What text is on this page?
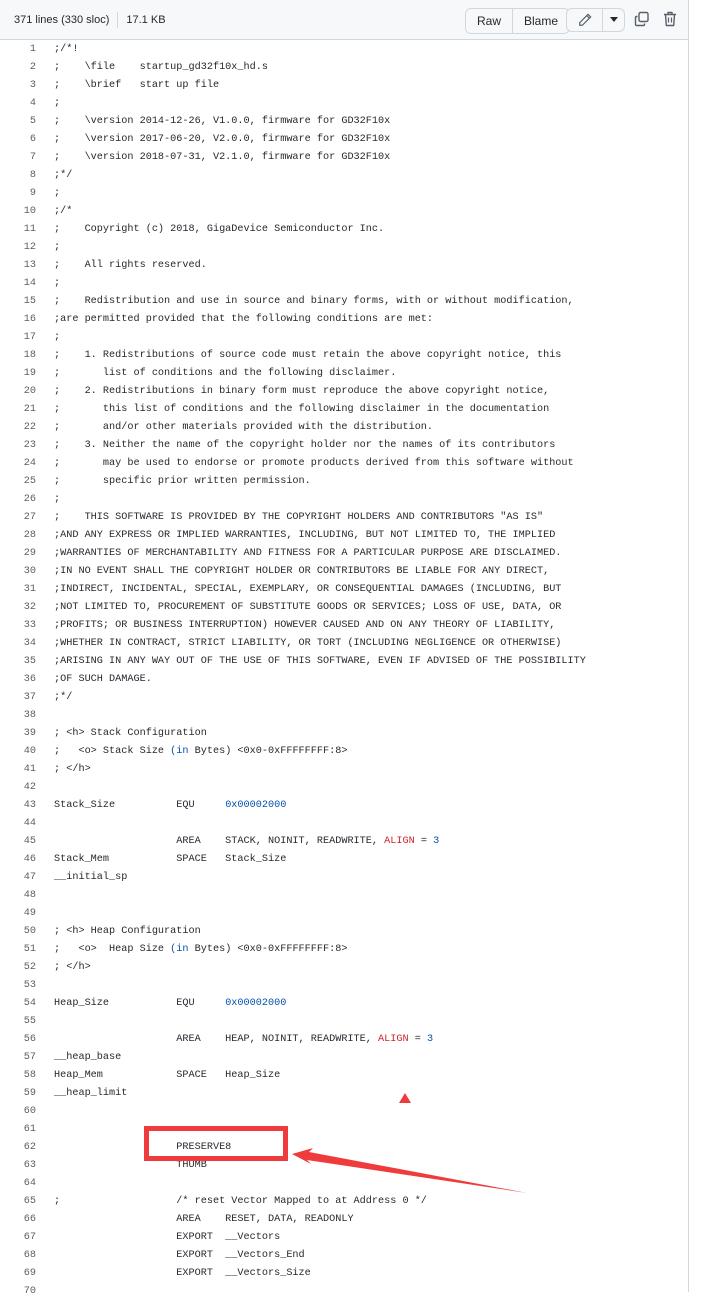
371 lines (330 sloc) 17.1 KB	Raw	Blame
1	;/*!
2	;    \file    startup_gd32f10x_hd.s
3	;    \brief   start up file
4	;
5	;    \version 2014-12-26, V1.0.0, firmware for GD32F10x
6	;    \version 2017-06-20, V2.0.0, firmware for GD32F10x
7	;    \version 2018-07-31, V2.1.0, firmware for GD32F10x
8	;*/
9	;
10	;/*
11	;    Copyright (c) 2018, GigaDevice Semiconductor Inc.
12	;
13	;    All rights reserved.
14	;
15	;    Redistribution and use in source and binary forms, with or without modification,
16	;are permitted provided that the following conditions are met:
17	;
18	;    1. Redistributions of source code must retain the above copyright notice, this
19	;       list of conditions and the following disclaimer.
20	;    2. Redistributions in binary form must reproduce the above copyright notice,
21	;       this list of conditions and the following disclaimer in the documentation
22	;       and/or other materials provided with the distribution.
23	;    3. Neither the name of the copyright holder nor the names of its contributors
24	;       may be used to endorse or promote products derived from this software without
25	;       specific prior written permission.
26	;
27	;    THIS SOFTWARE IS PROVIDED BY THE COPYRIGHT HOLDERS AND CONTRIBUTORS "AS IS"
28	;AND ANY EXPRESS OR IMPLIED WARRANTIES, INCLUDING, BUT NOT LIMITED TO, THE IMPLIED
29	;WARRANTIES OF MERCHANTABILITY AND FITNESS FOR A PARTICULAR PURPOSE ARE DISCLAIMED.
30	;IN NO EVENT SHALL THE COPYRIGHT HOLDER OR CONTRIBUTORS BE LIABLE FOR ANY DIRECT,
31	;INDIRECT, INCIDENTAL, SPECIAL, EXEMPLARY, OR CONSEQUENTIAL DAMAGES (INCLUDING, BUT
32	;NOT LIMITED TO, PROCUREMENT OF SUBSTITUTE GOODS OR SERVICES; LOSS OF USE, DATA, OR
33	;PROFITS; OR BUSINESS INTERRUPTION) HOWEVER CAUSED AND ON ANY THEORY OF LIABILITY,
34	;WHETHER IN CONTRACT, STRICT LIABILITY, OR TORT (INCLUDING NEGLIGENCE OR OTHERWISE)
35	;ARISING IN ANY WAY OUT OF THE USE OF THIS SOFTWARE, EVEN IF ADVISED OF THE POSSIBILITY
36	;OF SUCH DAMAGE.
37	;*/
38
39	; <h> Stack Configuration
40	;   <o> Stack Size (in Bytes) <0x0-0xFFFFFFFF:8>
41	; </h>
42
43	Stack_Size          EQU     0x00002000
44
45	AREA    STACK, NOINIT, READWRITE, ALIGN = 3
46	Stack_Mem           SPACE   Stack_Size
47	__initial_sp
48
49
50	; <h> Heap Configuration
51	;   <o>  Heap Size (in Bytes) <0x0-0xFFFFFFFF:8>
52	; </h>
53
54	Heap_Size           EQU     0x00002000
55
56	AREA    HEAP, NOINIT, READWRITE, ALIGN = 3
57	__heap_base
58	Heap_Mem            SPACE   Heap_Size
59	__heap_limit
60
61
62	PRESERVE8
63	THUMB
64
65	;                   /* reset Vector Mapped to at Address 0 */
66	AREA    RESET, DATA, READONLY
67	EXPORT  __Vectors
68	EXPORT  __Vectors_End
69	EXPORT  __Vectors_Size
70
